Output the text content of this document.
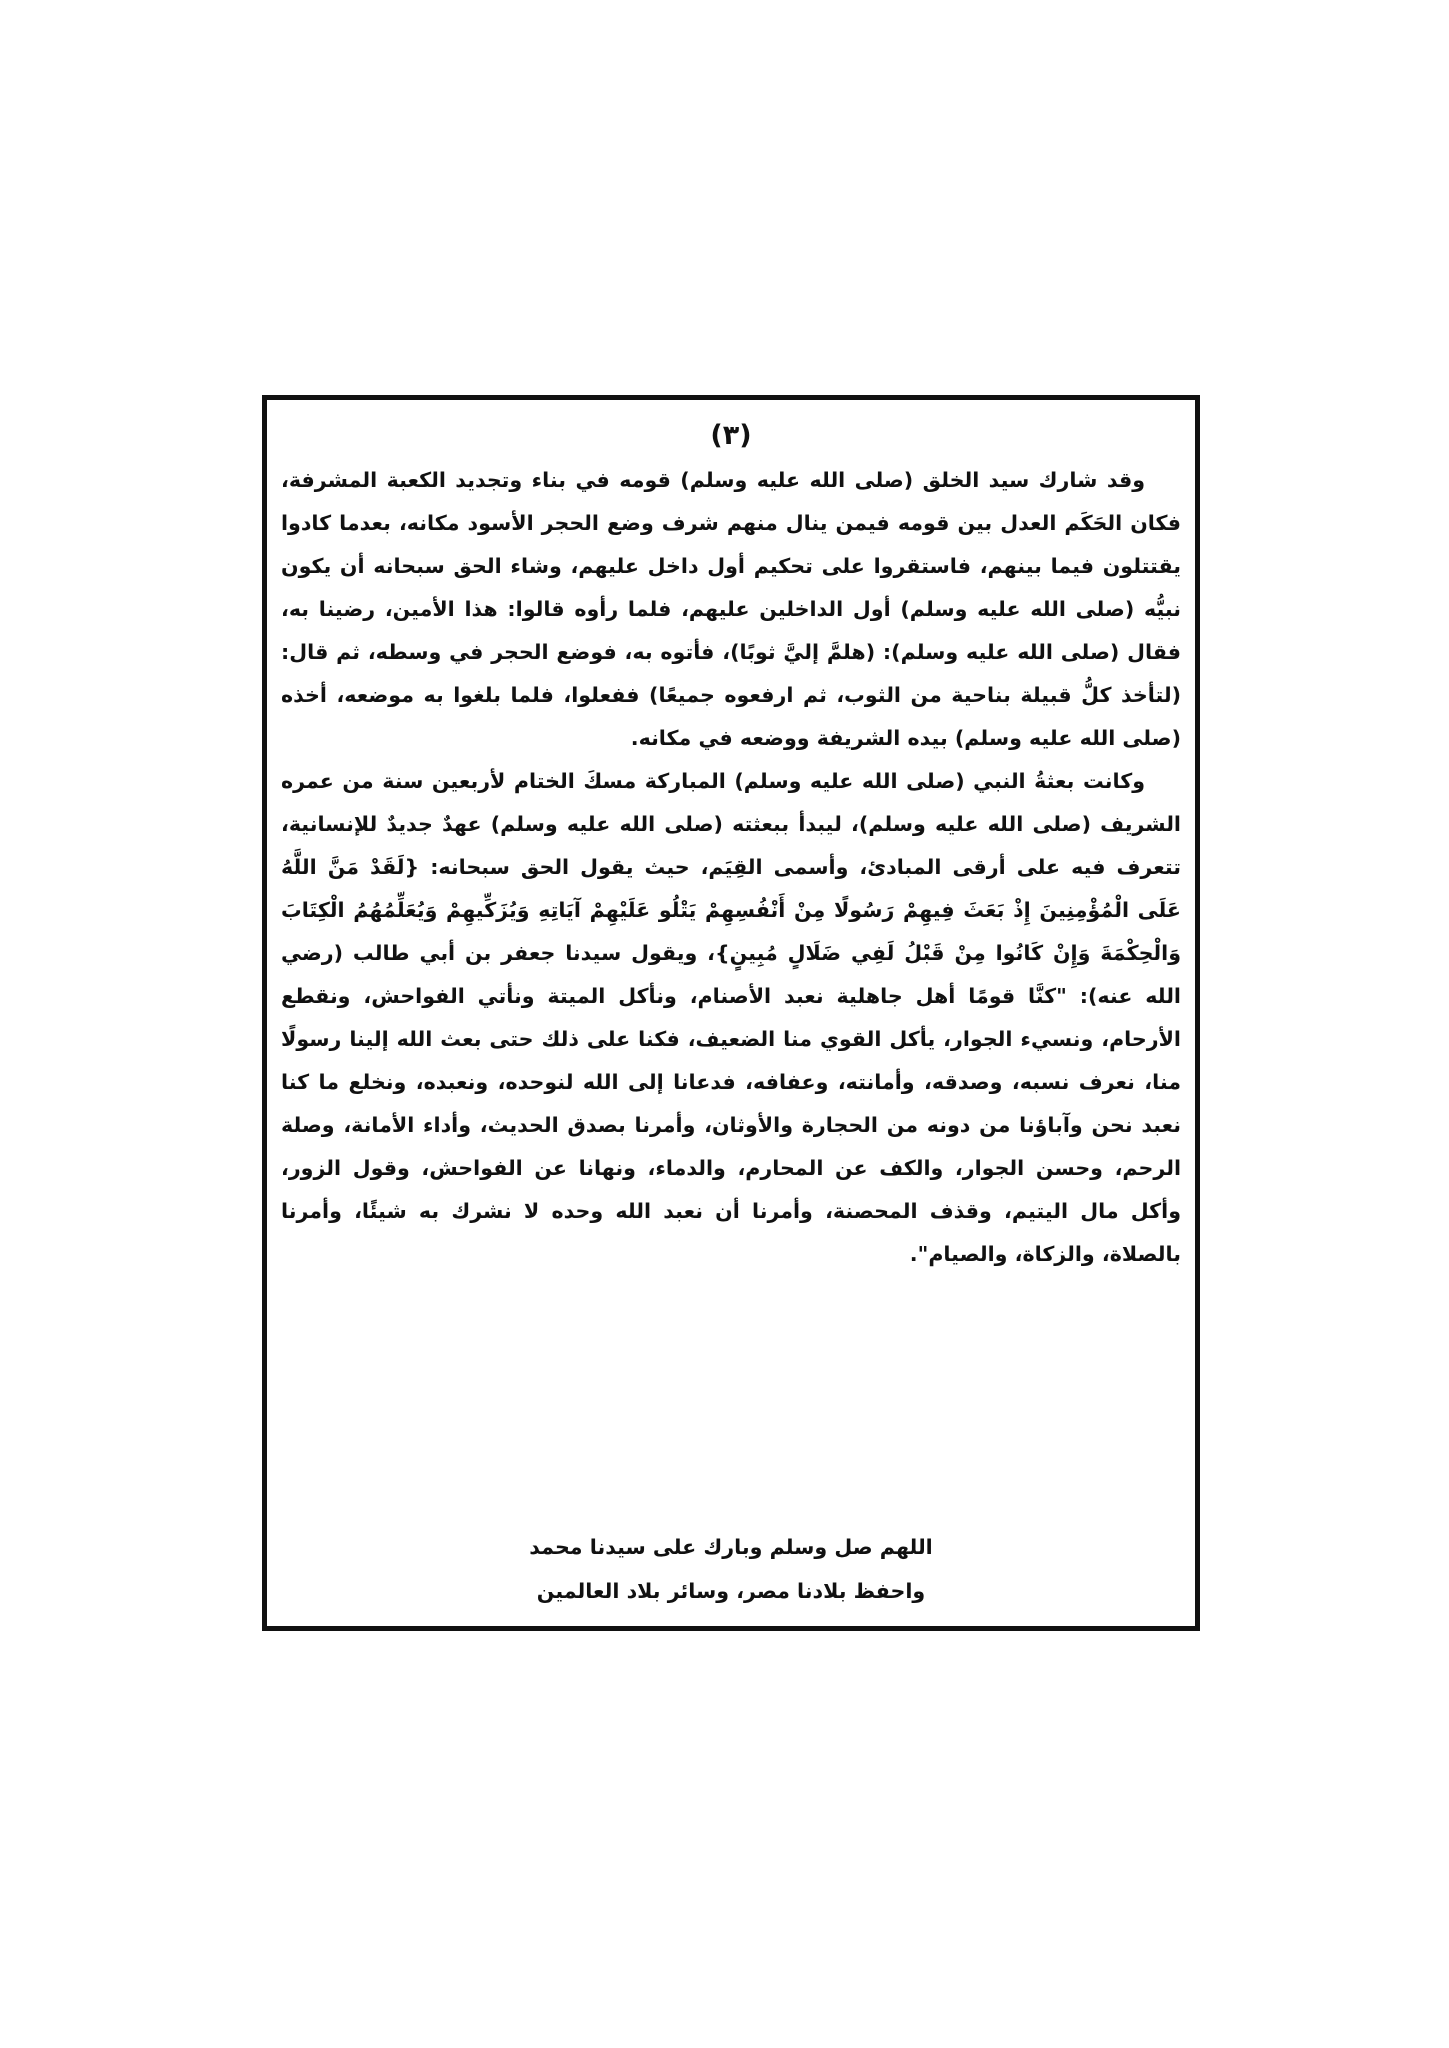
(٣)

وقد شارك سيد الخلق (صلى الله عليه وسلم) قومه في بناء وتجديد الكعبة المشرفة، فكان الحَكَم العدل بين قومه فيمن ينال منهم شرف وضع الحجر الأسود مكانه، بعدما كادوا يقتتلون فيما بينهم، فاستقروا على تحكيم أول داخل عليهم، وشاء الحق سبحانه أن يكون نبيُّه (صلى الله عليه وسلم) أول الداخلين عليهم، فلما رأوه قالوا: هذا الأمين، رضينا به، فقال (صلى الله عليه وسلم): (هلمَّ إليَّ ثوبًا)، فأتوه به، فوضع الحجر في وسطه، ثم قال: (لتأخذ كلُّ قبيلة بناحية من الثوب، ثم ارفعوه جميعًا) ففعلوا، فلما بلغوا به موضعه، أخذه (صلى الله عليه وسلم) بيده الشريفة ووضعه في مكانه.

وكانت بعثةُ النبي (صلى الله عليه وسلم) المباركة مسكَ الختام لأربعين سنة من عمره الشريف (صلى الله عليه وسلم)، ليبدأ ببعثته (صلى الله عليه وسلم) عهدٌ جديدٌ للإنسانية، تتعرف فيه على أرقى المبادئ، وأسمى القِيَم، حيث يقول الحق سبحانه: {لَقَدْ مَنَّ اللَّهُ عَلَى الْمُؤْمِنِينَ إِذْ بَعَثَ فِيهِمْ رَسُولًا مِنْ أَنْفُسِهِمْ يَتْلُو عَلَيْهِمْ آيَاتِهِ وَيُزَكِّيهِمْ وَيُعَلِّمُهُمُ الْكِتَابَ وَالْحِكْمَةَ وَإِنْ كَانُوا مِنْ قَبْلُ لَفِي ضَلَالٍ مُبِينٍ}، ويقول سيدنا جعفر بن أبي طالب (رضي الله عنه): "كنَّا قومًا أهل جاهلية نعبد الأصنام، ونأكل الميتة ونأتي الفواحش، ونقطع الأرحام، ونسيء الجوار، يأكل القوي منا الضعيف، فكنا على ذلك حتى بعث الله إلينا رسولًا منا، نعرف نسبه، وصدقه، وأمانته، وعفافه، فدعانا إلى الله لنوحده، ونعبده، ونخلع ما كنا نعبد نحن وآباؤنا من دونه من الحجارة والأوثان، وأمرنا بصدق الحديث، وأداء الأمانة، وصلة الرحم، وحسن الجوار، والكف عن المحارم، والدماء، ونهانا عن الفواحش، وقول الزور، وأكل مال اليتيم، وقذف المحصنة، وأمرنا أن نعبد الله وحده لا نشرك به شيئًا، وأمرنا بالصلاة، والزكاة، والصيام".

اللهم صل وسلم وبارك على سيدنا محمد
واحفظ بلادنا مصر، وسائر بلاد العالمين
